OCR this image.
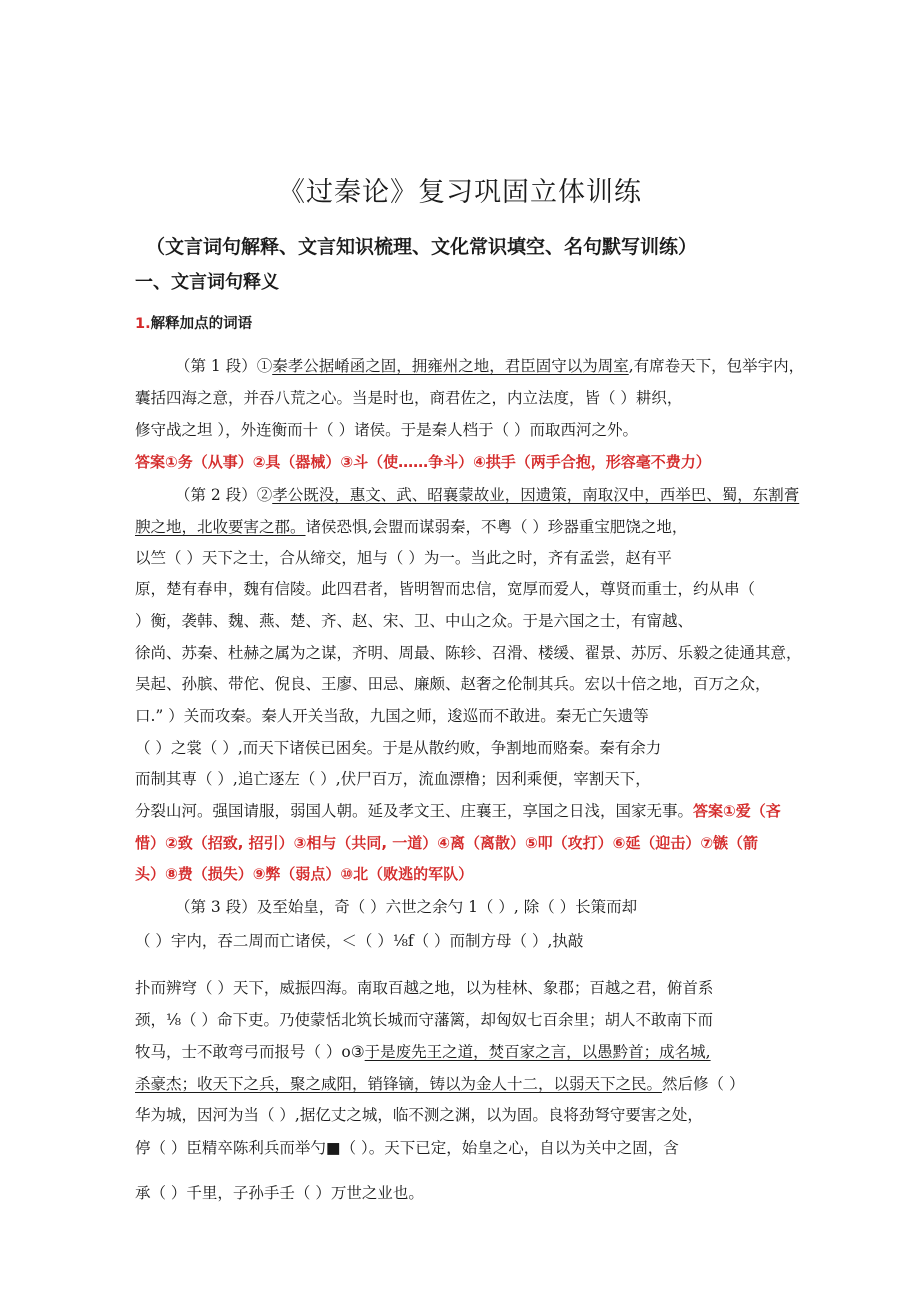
《过秦论》复习巩固立体训练
（文言词句解释、文言知识梳理、文化常识填空、名句默写训练）
一、文言词句释义
1.解释加点的词语
（第 1 段）①秦孝公据崤函之固，拥雍州之地，君臣固守以为周室,有席卷天下，包举宇内，
囊括四海之意，并吞八荒之心。当是时也，商君佐之，内立法度，皆（ ）耕织，
修守战之坦 ），外连衡而十（ ）诸侯。于是秦人档于（ ）而取西河之外。
答案①务（从事）②具（器械）③斗（使……争斗）④拱手（两手合抱，形容毫不费力）
（第 2 段）②孝公既没，惠文、武、昭襄蒙故业，因遗策，南取汉中，西举巴、蜀，东割膏
腴之地，北收要害之郡。诸侯恐惧,会盟而谋弱秦，不粤（ ）珍器重宝肥饶之地，
以竺（ ）天下之士，合从缔交，旭与（ ）为一。当此之时，齐有孟尝，赵有平
原，楚有春申，魏有信陵。此四君者，皆明智而忠信，宽厚而爱人，尊贤而重士，约从串（
）衡，袭韩、魏、燕、楚、齐、赵、宋、卫、中山之众。于是六国之士，有甯越、
徐尚、苏秦、杜赫之属为之谋，齐明、周最、陈轸、召滑、楼缓、翟景、苏厉、乐毅之徒通其意，
吴起、孙膑、带佗、倪良、王廖、田忌、廉颇、赵奢之伦制其兵。宏以十倍之地，百万之众，
口.” ）关而攻秦。秦人开关当敌，九国之师，逡巡而不敢进。秦无亡矢遗等
（ ）之裳（ ）,而天下诸侯已困矣。于是从散约败，争割地而赂秦。秦有余力
而制其専（ ）,追亡逐左（ ）,伏尸百万，流血漂橹；因利乘便，宰割天下，
分裂山河。强国请服，弱国人朝。延及孝文王、庄襄王，享国之日浅，国家无事。答案①爱（吝
惜）②致（招致, 招引）③相与（共同, 一道）④离（离散）⑤叩（攻打）⑥延（迎击）⑦镞（箭
头）⑧费（损失）⑨弊（弱点）⑩北（败逃的军队）
（第 3 段）及至始皇，奇（ ）六世之余勺 1（ ）, 除（ ）长策而却
（ ）宇内，吞二周而亡诸侯，＜（ ）⅛f（ ）而制方母（ ）,执敲
扑而辨穹（ ）天下，威振四海。南取百越之地，以为桂林、象郡；百越之君，俯首系
颈，⅛（ ）命下吏。乃使蒙恬北筑长城而守藩篱，却匈奴七百余里；胡人不敢南下而
牧马，士不敢弯弓而报号（ ）o③于是废先王之道，焚百家之言，以愚黔首；成名城,
杀豪杰；收天下之兵，聚之咸阳，销锋镝，铸以为金人十二，以弱天下之民。然后修（ ）
华为城，因河为当（ ）,据亿丈之城，临不测之渊，以为固。良将劲弩守要害之处，
停（ ）臣精卒陈利兵而举勺■（ ）。天下已定，始皇之心，自以为关中之固，含
承（ ）千里，子孙手壬（ ）万世之业也。
